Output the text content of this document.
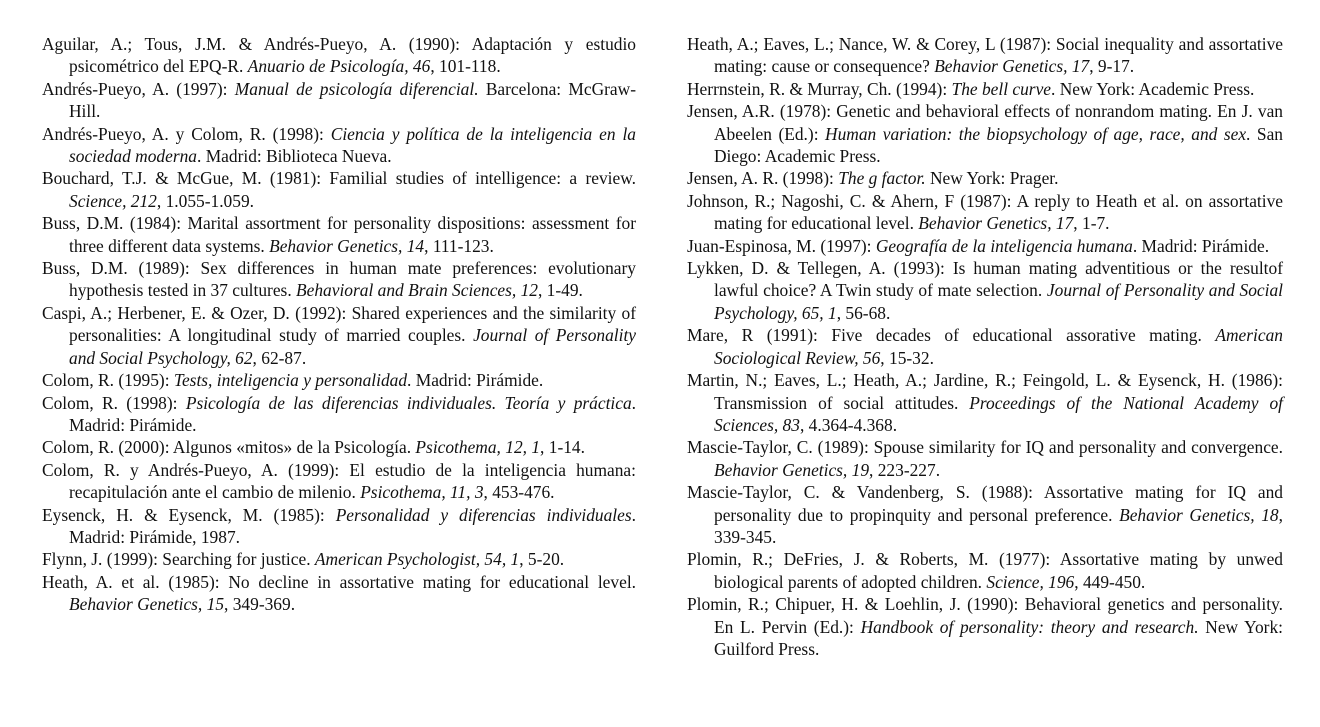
Aguilar, A.; Tous, J.M. & Andrés-Pueyo, A. (1990): Adaptación y estudio psicométrico del EPQ-R. Anuario de Psicología, 46, 101-118.

Andrés-Pueyo, A. (1997): Manual de psicología diferencial. Barcelona: McGraw-Hill.

Andrés-Pueyo, A. y Colom, R. (1998): Ciencia y política de la inteligencia en la sociedad moderna. Madrid: Biblioteca Nueva.

Bouchard, T.J. & McGue, M. (1981): Familial studies of intelligence: a review. Science, 212, 1.055-1.059.

Buss, D.M. (1984): Marital assortment for personality dispositions: assessment for three different data systems. Behavior Genetics, 14, 111-123.

Buss, D.M. (1989): Sex differences in human mate preferences: evolutionary hypothesis tested in 37 cultures. Behavioral and Brain Sciences, 12, 1-49.

Caspi, A.; Herbener, E. & Ozer, D. (1992): Shared experiences and the similarity of personalities: A longitudinal study of married couples. Journal of Personality and Social Psychology, 62, 62-87.

Colom, R. (1995): Tests, inteligencia y personalidad. Madrid: Pirámide.

Colom, R. (1998): Psicología de las diferencias individuales. Teoría y práctica. Madrid: Pirámide.

Colom, R. (2000): Algunos «mitos» de la Psicología. Psicothema, 12, 1, 1-14.

Colom, R. y Andrés-Pueyo, A. (1999): El estudio de la inteligencia humana: recapitulación ante el cambio de milenio. Psicothema, 11, 3, 453-476.

Eysenck, H. & Eysenck, M. (1985): Personalidad y diferencias individuales. Madrid: Pirámide, 1987.

Flynn, J. (1999): Searching for justice. American Psychologist, 54, 1, 5-20.

Heath, A. et al. (1985): No decline in assortative mating for educational level. Behavior Genetics, 15, 349-369.

Heath, A.; Eaves, L.; Nance, W. & Corey, L (1987): Social inequality and assortative mating: cause or consequence? Behavior Genetics, 17, 9-17.

Herrnstein, R. & Murray, Ch. (1994): The bell curve. New York: Academic Press.

Jensen, A.R. (1978): Genetic and behavioral effects of nonrandom mating. En J. van Abeelen (Ed.): Human variation: the biopsychology of age, race, and sex. San Diego: Academic Press.

Jensen, A. R. (1998): The g factor. New York: Prager.

Johnson, R.; Nagoshi, C. & Ahern, F (1987): A reply to Heath et al. on assortative mating for educational level. Behavior Genetics, 17, 1-7.

Juan-Espinosa, M. (1997): Geografía de la inteligencia humana. Madrid: Pirámide.

Lykken, D. & Tellegen, A. (1993): Is human mating adventitious or the resultof lawful choice? A Twin study of mate selection. Journal of Personality and Social Psychology, 65, 1, 56-68.

Mare, R (1991): Five decades of educational assorative mating. American Sociological Review, 56, 15-32.

Martin, N.; Eaves, L.; Heath, A.; Jardine, R.; Feingold, L. & Eysenck, H. (1986): Transmission of social attitudes. Proceedings of the National Academy of Sciences, 83, 4.364-4.368.

Mascie-Taylor, C. (1989): Spouse similarity for IQ and personality and convergence. Behavior Genetics, 19, 223-227.

Mascie-Taylor, C. & Vandenberg, S. (1988): Assortative mating for IQ and personality due to propinquity and personal preference. Behavior Genetics, 18, 339-345.

Plomin, R.; DeFries, J. & Roberts, M. (1977): Assortative mating by unwed biological parents of adopted children. Science, 196, 449-450.

Plomin, R.; Chipuer, H. & Loehlin, J. (1990): Behavioral genetics and personality. En L. Pervin (Ed.): Handbook of personality: theory and research. New York: Guilford Press.
